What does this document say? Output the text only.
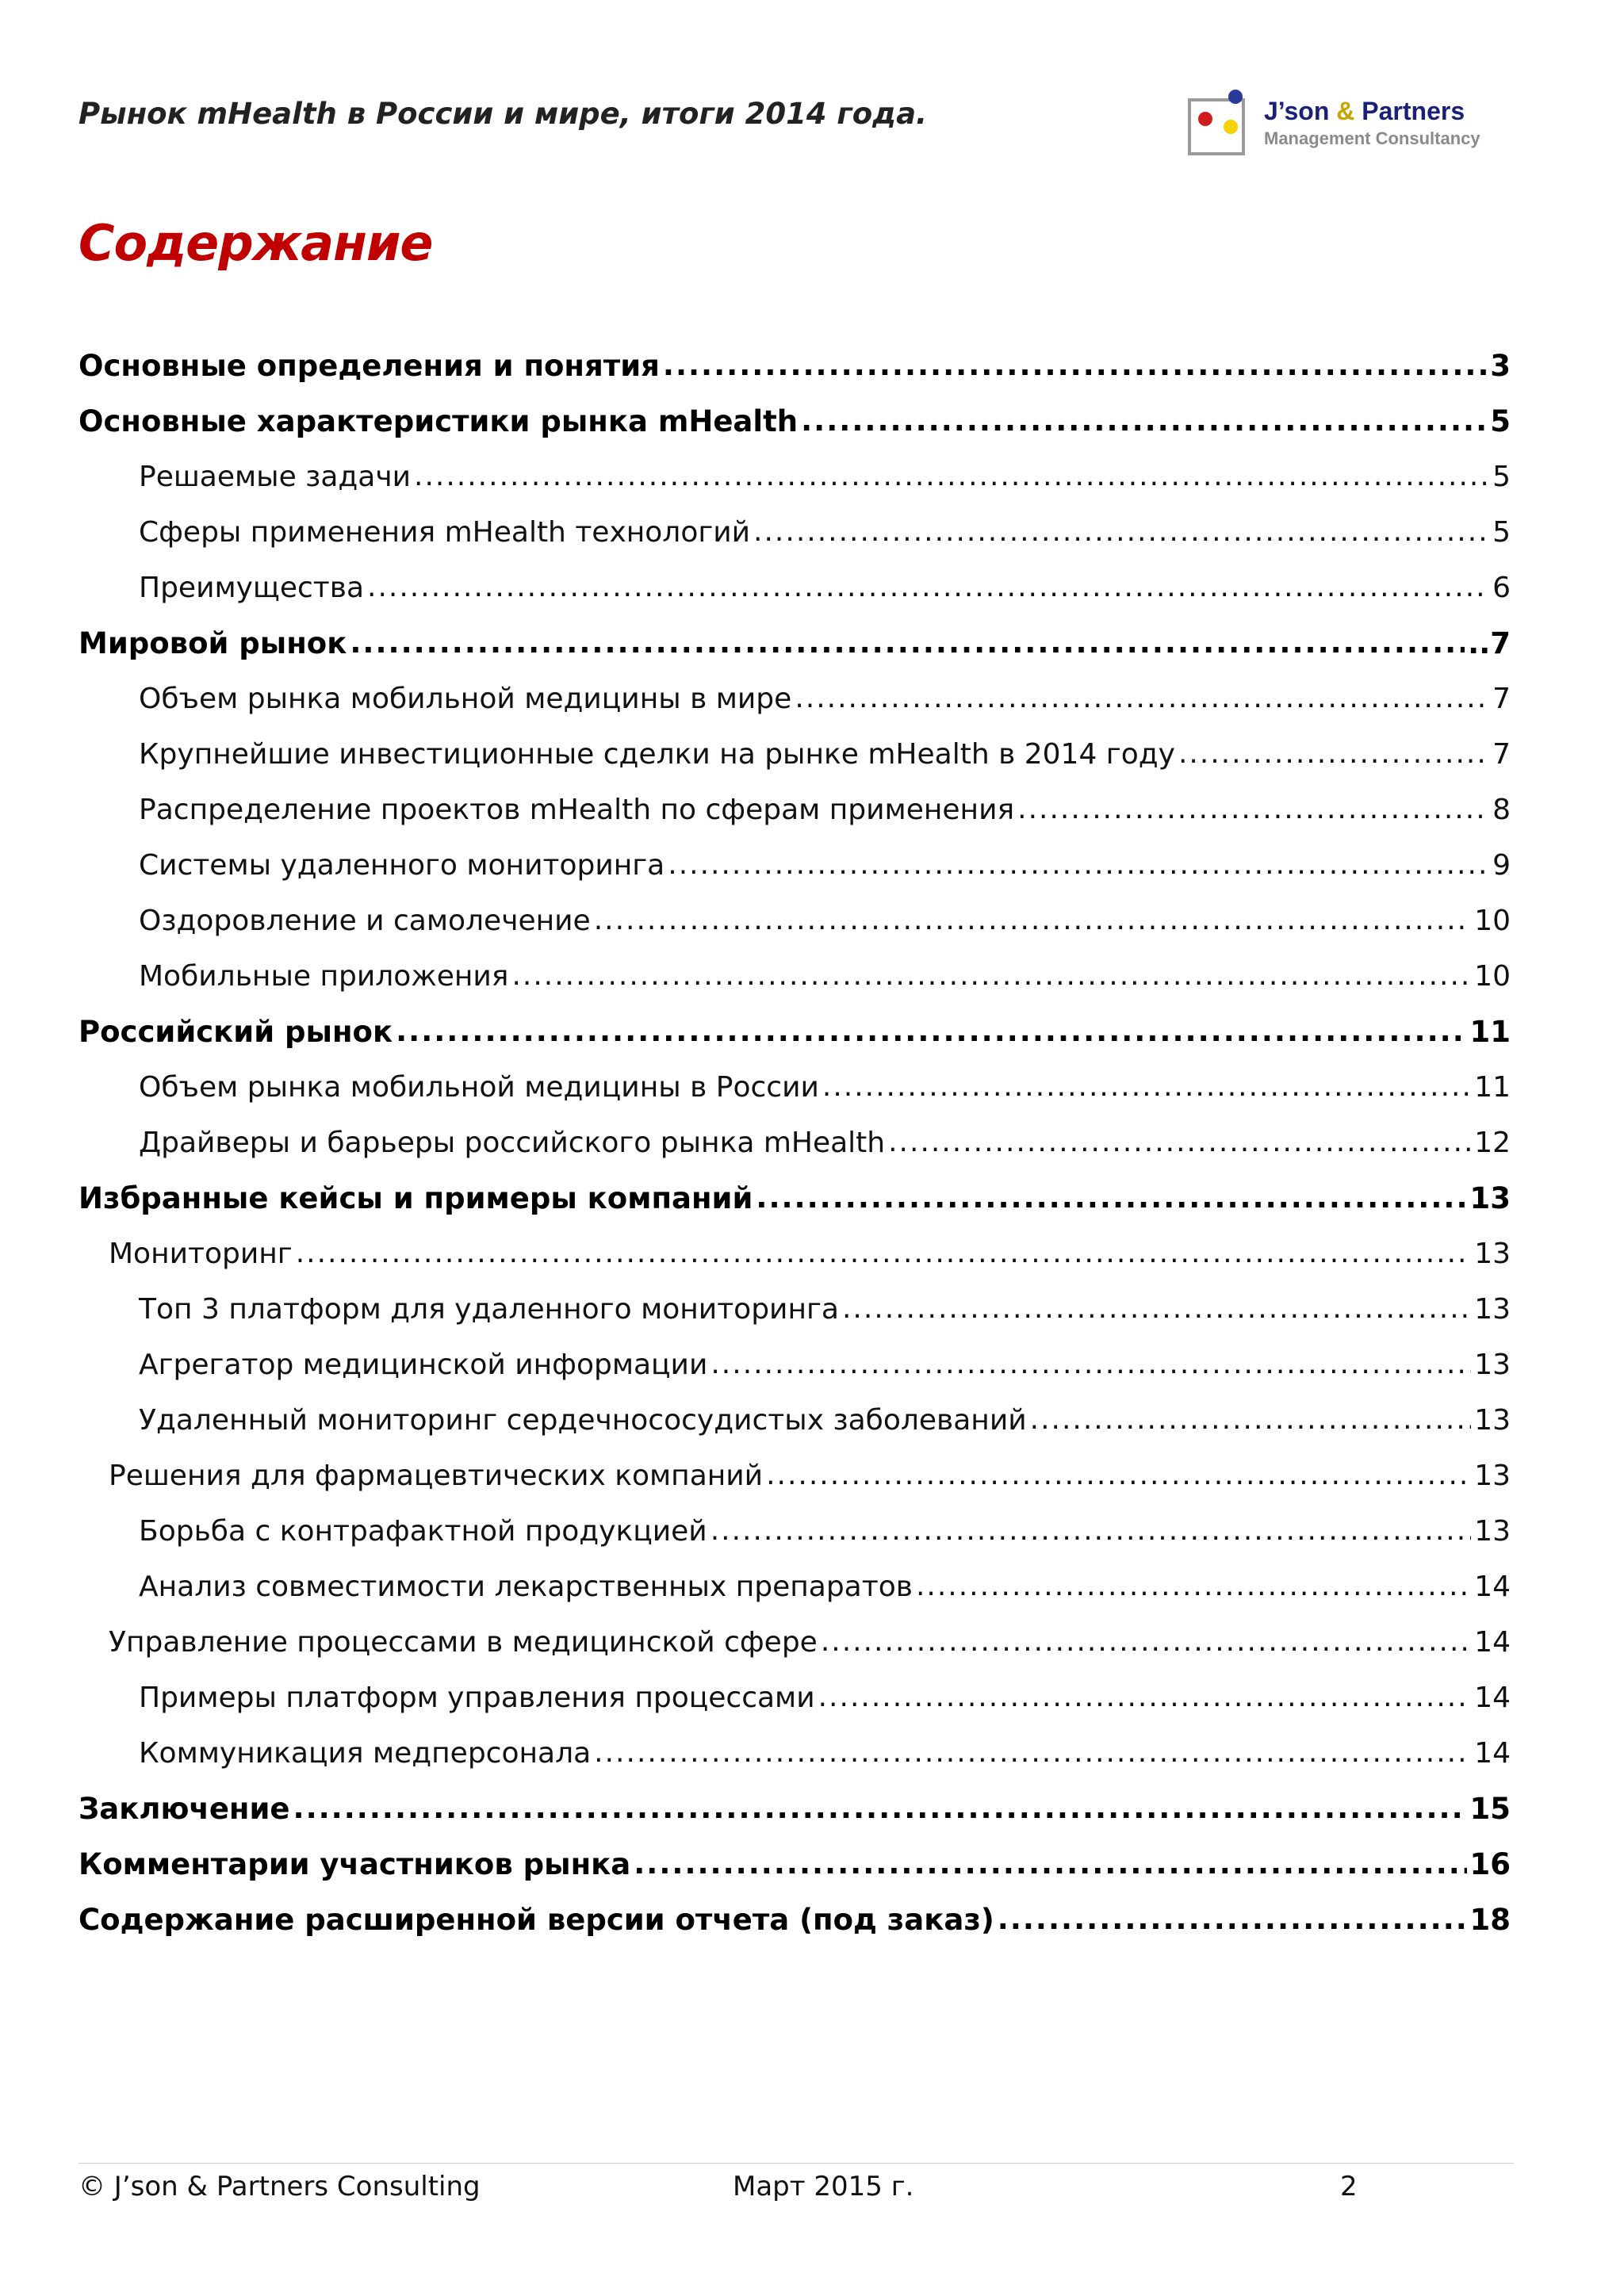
Рынок mHealth в России и мире, итоги 2014 года.	J’son & Partners
Management Consultancy
Содержание
Основные определения и понятия .....	3
Основные характеристики рынка mHealth .....	5
Решаемые задачи .....	5
Сферы применения mHealth технологий .....	5
Преимущества .....	6
Мировой рынок .....	..7
Объем рынка мобильной медицины в мире .....	7
Крупнейшие инвестиционные сделки на рынке mHealth в 2014 году .....	7
Распределение проектов mHealth по сферам применения .....	8
Системы удаленного мониторинга .....	9
Оздоровление и самолечение .....	10
Мобильные приложения .....	10
Российский рынок .....	11
Объем рынка мобильной медицины в России .....	11
Драйверы и барьеры российского рынка mHealth .....	12
Избранные кейсы и примеры компаний .....	13
Мониторинг .....	13
Топ 3 платформ для удаленного мониторинга .....	13
Агрегатор медицинской информации .....	13
Удаленный мониторинг сердечнососудистых заболеваний .....	13
Решения для фармацевтических компаний .....	13
Борьба с контрафактной продукцией .....	13
Анализ совместимости лекарственных препаратов .....	14
Управление процессами в медицинской сфере .....	14
Примеры платформ управления процессами .....	14
Коммуникация медперсонала .....	14
Заключение .....	15
Комментарии участников рынка .....	16
Содержание расширенной версии отчета (под заказ) .....	18
© J’son & Partners Consulting	Март 2015 г.	2
